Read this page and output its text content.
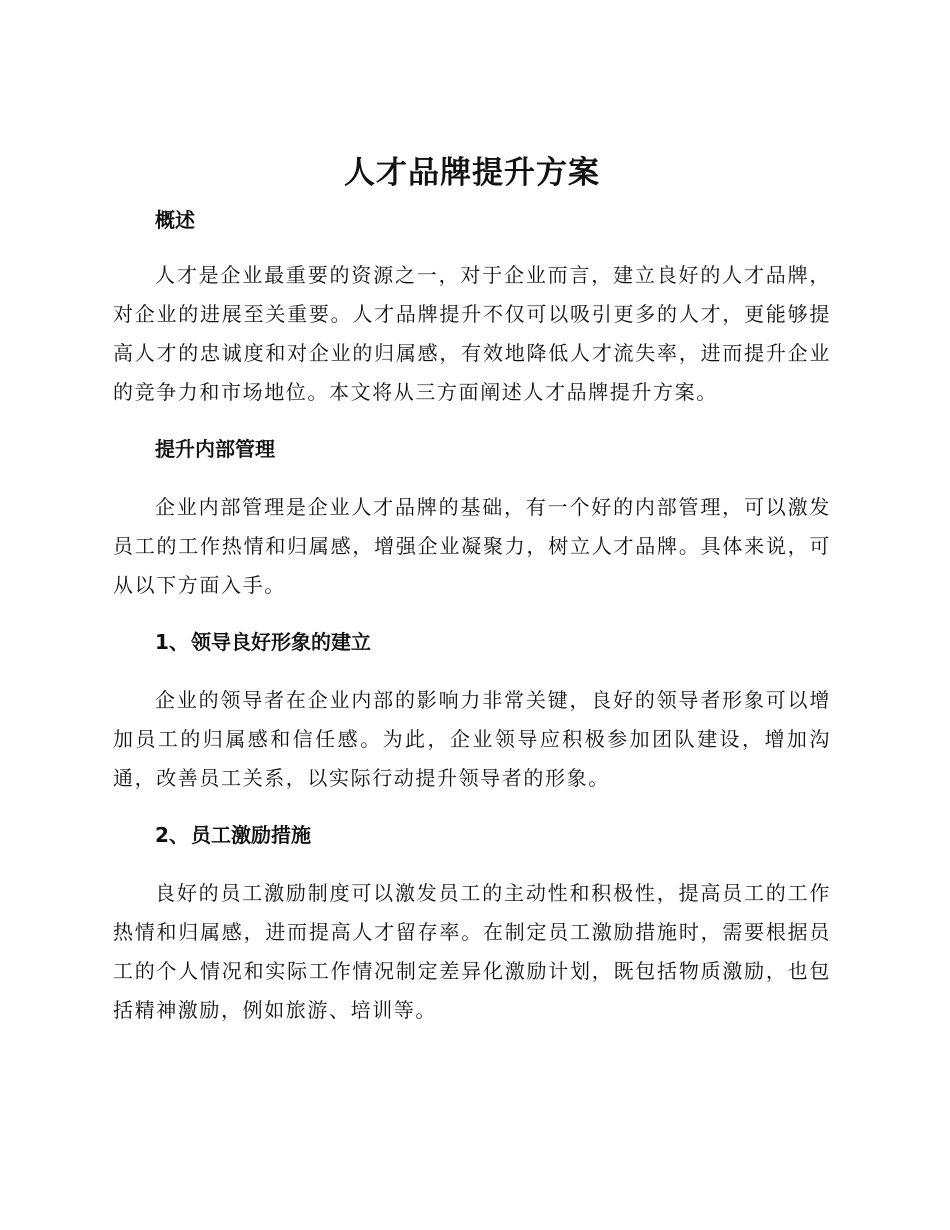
人才品牌提升方案
概述

人才是企业最重要的资源之一，对于企业而言，建立良好的人才品牌，对企业的进展至关重要。人才品牌提升不仅可以吸引更多的人才，更能够提高人才的忠诚度和对企业的归属感，有效地降低人才流失率，进而提升企业的竞争力和市场地位。本文将从三方面阐述人才品牌提升方案。

提升内部管理

企业内部管理是企业人才品牌的基础，有一个好的内部管理，可以激发员工的工作热情和归属感，增强企业凝聚力，树立人才品牌。具体来说，可从以下方面入手。

1、 领导良好形象的建立

企业的领导者在企业内部的影响力非常关键，良好的领导者形象可以增加员工的归属感和信任感。为此，企业领导应积极参加团队建设，增加沟通，改善员工关系，以实际行动提升领导者的形象。

2、 员工激励措施

良好的员工激励制度可以激发员工的主动性和积极性，提高员工的工作热情和归属感，进而提高人才留存率。在制定员工激励措施时，需要根据员工的个人情况和实际工作情况制定差异化激励计划，既包括物质激励，也包括精神激励，例如旅游、培训等。
